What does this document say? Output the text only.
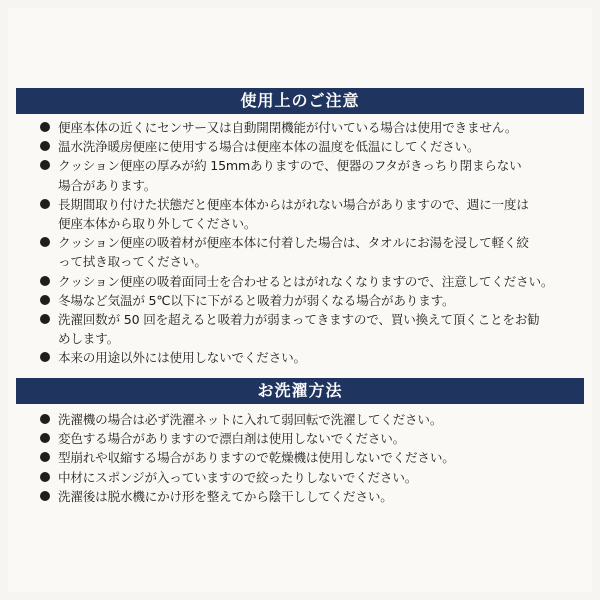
使用上のご注意
便座本体の近くにセンサー又は自動開閉機能が付いている場合は使用できません。
温水洗浄暖房便座に使用する場合は便座本体の温度を低温にしてください。
クッション便座の厚みが約 15mmありますので、便器のフタがきっちり閉まらない
場合があります。
長期間取り付けた状態だと便座本体からはがれない場合がありますので、週に一度は
便座本体から取り外してください。
クッション便座の吸着材が便座本体に付着した場合は、タオルにお湯を浸して軽く絞
って拭き取ってください。
クッション便座の吸着面同士を合わせるとはがれなくなりますので、注意してください。
冬場など気温が 5℃以下に下がると吸着力が弱くなる場合があります。
洗濯回数が 50 回を超えると吸着力が弱まってきますので、買い換えて頂くことをお勧
めします。
本来の用途以外には使用しないでください。
お洗濯方法
洗濯機の場合は必ず洗濯ネットに入れて弱回転で洗濯してください。
変色する場合がありますので漂白剤は使用しないでください。
型崩れや収縮する場合がありますので乾燥機は使用しないでください。
中材にスポンジが入っていますので絞ったりしないでください。
洗濯後は脱水機にかけ形を整えてから陰干ししてください。
